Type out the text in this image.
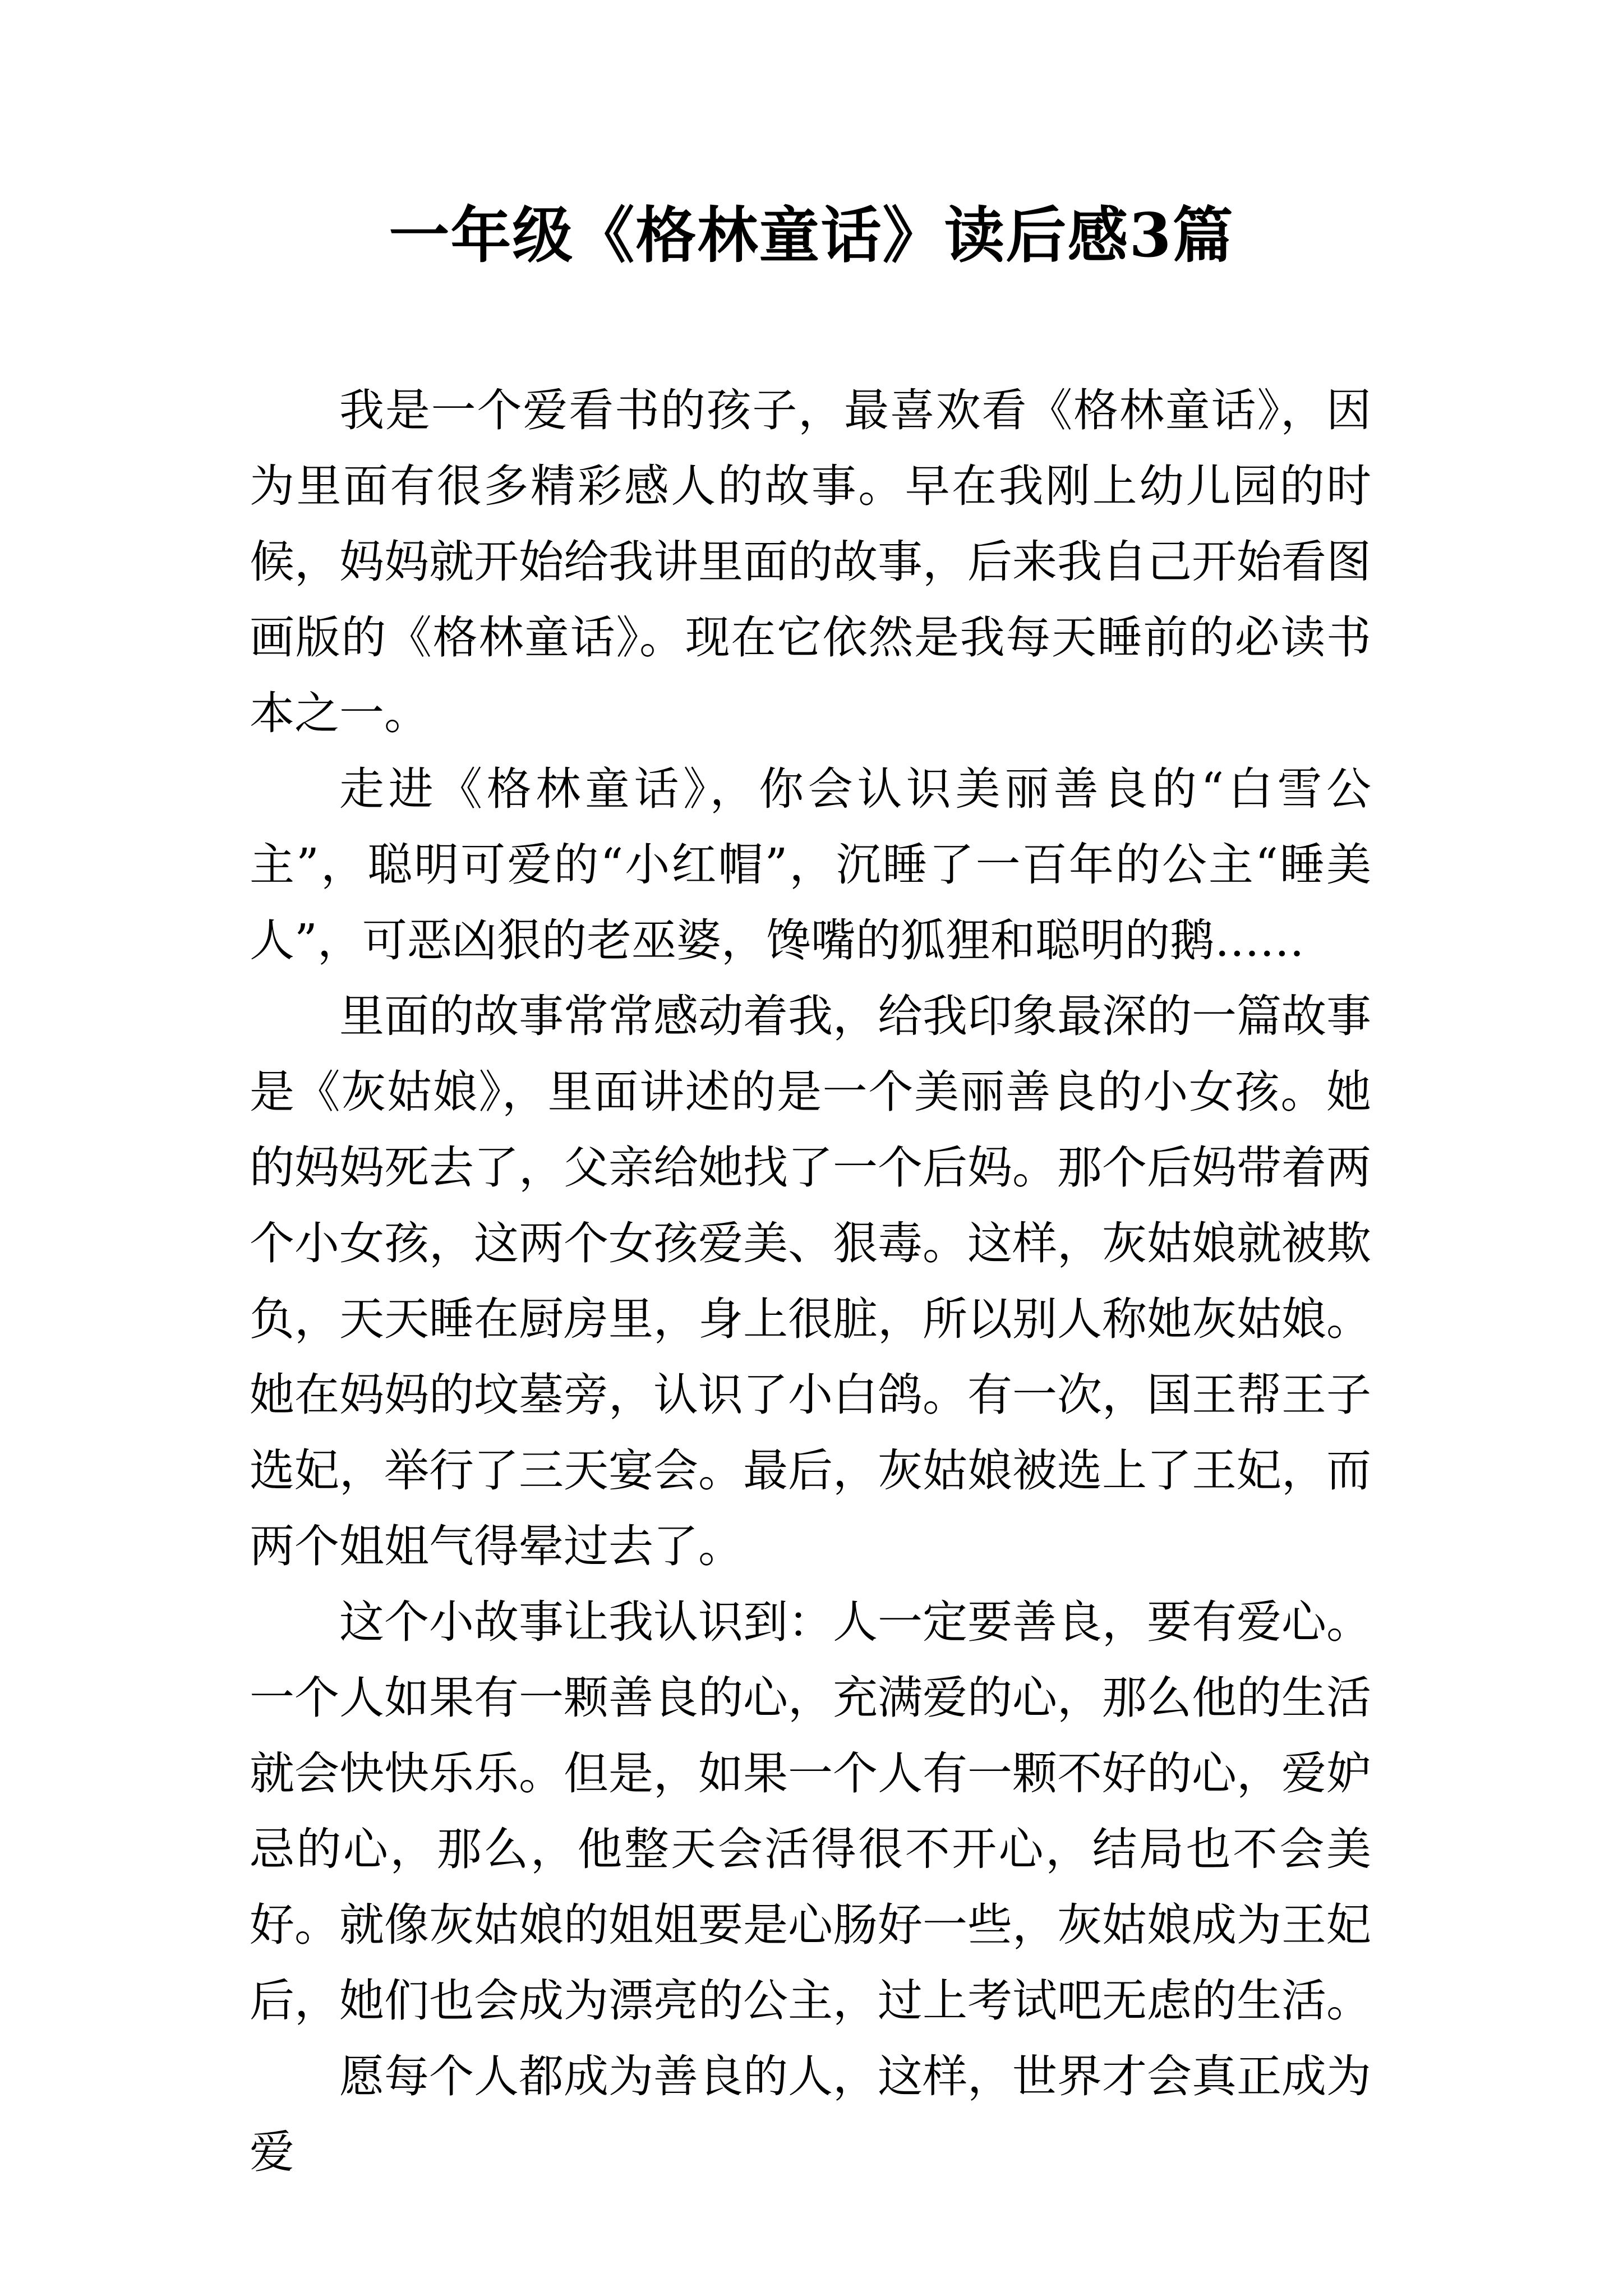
一年级《格林童话》读后感3篇

我是一个爱看书的孩子，最喜欢看《格林童话》，因为里面有很多精彩感人的故事。早在我刚上幼儿园的时候，妈妈就开始给我讲里面的故事，后来我自己开始看图画版的《格林童话》。现在它依然是我每天睡前的必读书本之一。

走进《格林童话》，你会认识美丽善良的“白雪公主”，聪明可爱的“小红帽”，沉睡了一百年的公主“睡美人”，可恶凶狠的老巫婆，馋嘴的狐狸和聪明的鹅……

里面的故事常常感动着我，给我印象最深的一篇故事是《灰姑娘》，里面讲述的是一个美丽善良的小女孩。她的妈妈死去了，父亲给她找了一个后妈。那个后妈带着两个小女孩，这两个女孩爱美、狠毒。这样，灰姑娘就被欺负，天天睡在厨房里，身上很脏，所以别人称她灰姑娘。她在妈妈的坟墓旁，认识了小白鸽。有一次，国王帮王子选妃，举行了三天宴会。最后，灰姑娘被选上了王妃，而两个姐姐气得晕过去了。

这个小故事让我认识到：人一定要善良，要有爱心。一个人如果有一颗善良的心，充满爱的心，那么他的生活就会快快乐乐。但是，如果一个人有一颗不好的心，爱妒忌的心，那么，他整天会活得很不开心，结局也不会美好。就像灰姑娘的姐姐要是心肠好一些，灰姑娘成为王妃后，她们也会成为漂亮的公主，过上考试吧无虑的生活。

愿每个人都成为善良的人，这样，世界才会真正成为爱
